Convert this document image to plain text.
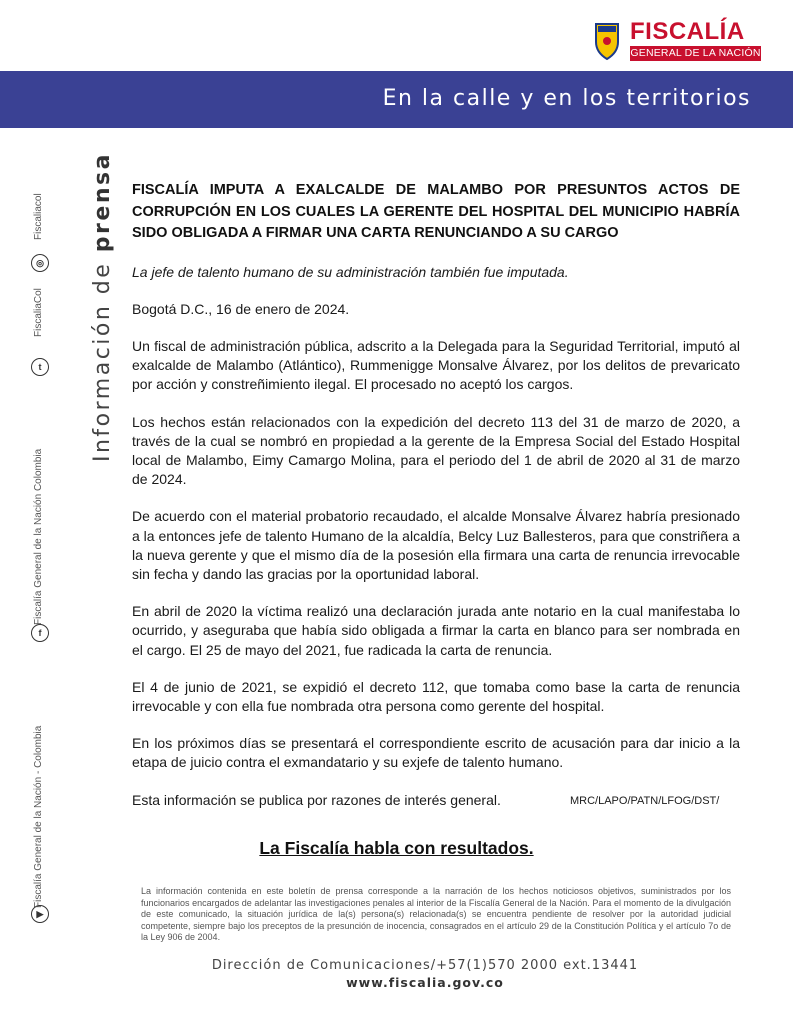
FISCALÍA
GENERAL DE LA NACIÓN
En la calle y en los territorios
Información de prensa
▶
Fiscalía General de la Nación - Colombia
f
Fiscalía General de la Nación Colombia
t
FiscaliaCol
◎
Fiscaliacol

FISCALÍA IMPUTA A EXALCALDE DE MALAMBO POR PRESUNTOS ACTOS DE CORRUPCIÓN EN LOS CUALES LA GERENTE DEL HOSPITAL DEL MUNICIPIO HABRÍA SIDO OBLIGADA A FIRMAR UNA CARTA RENUNCIANDO A SU CARGO

La jefe de talento humano de su administración también fue imputada.

Bogotá D.C., 16 de enero de 2024.

Un fiscal de administración pública, adscrito a la Delegada para la Seguridad Territorial, imputó al exalcalde de Malambo (Atlántico), Rummenigge Monsalve Álvarez, por los delitos de prevaricato por acción y constreñimiento ilegal. El procesado no aceptó los cargos.

Los hechos están relacionados con la expedición del decreto 113 del 31 de marzo de 2020, a través de la cual se nombró en propiedad a la gerente de la Empresa Social del Estado Hospital local de Malambo, Eimy Camargo Molina, para el periodo del 1 de abril de 2020 al 31 de marzo de 2024.

De acuerdo con el material probatorio recaudado, el alcalde Monsalve Álvarez habría presionado a la entonces jefe de talento Humano de la alcaldía, Belcy Luz Ballesteros, para que constriñera a la nueva gerente y que el mismo día de la posesión ella firmara una carta de renuncia irrevocable sin fecha y dando las gracias por la oportunidad laboral.

En abril de 2020 la víctima realizó una declaración jurada ante notario en la cual manifestaba lo ocurrido, y aseguraba que había sido obligada a firmar la carta en blanco para ser nombrada en el cargo. El 25 de mayo del 2021, fue radicada la carta de renuncia.

El 4 de junio de 2021, se expidió el decreto 112, que tomaba como base la carta de renuncia irrevocable y con ella fue nombrada otra persona como gerente del hospital.

En los próximos días se presentará el correspondiente escrito de acusación para dar inicio a la etapa de juicio contra el exmandatario y su exjefe de talento humano.

Esta información se publica por razones de interés general.	MRC/LAPO/PATN/LFOG/DST/
La Fiscalía habla con resultados.
La información contenida en este boletín de prensa corresponde a la narración de los hechos noticiosos objetivos, suministrados por los funcionarios encargados de adelantar las investigaciones penales al interior de la Fiscalía General de la Nación. Para el momento de la divulgación de este comunicado, la situación jurídica de la(s) persona(s) relacionada(s) se encuentra pendiente de resolver por la autoridad judicial competente, siempre bajo los preceptos de la presunción de inocencia, consagrados en el artículo 29 de la Constitución Política y el artículo 7o de la Ley 906 de 2004.
Dirección de Comunicaciones/+57(1)570 2000 ext.13441
www.fiscalia.gov.co
